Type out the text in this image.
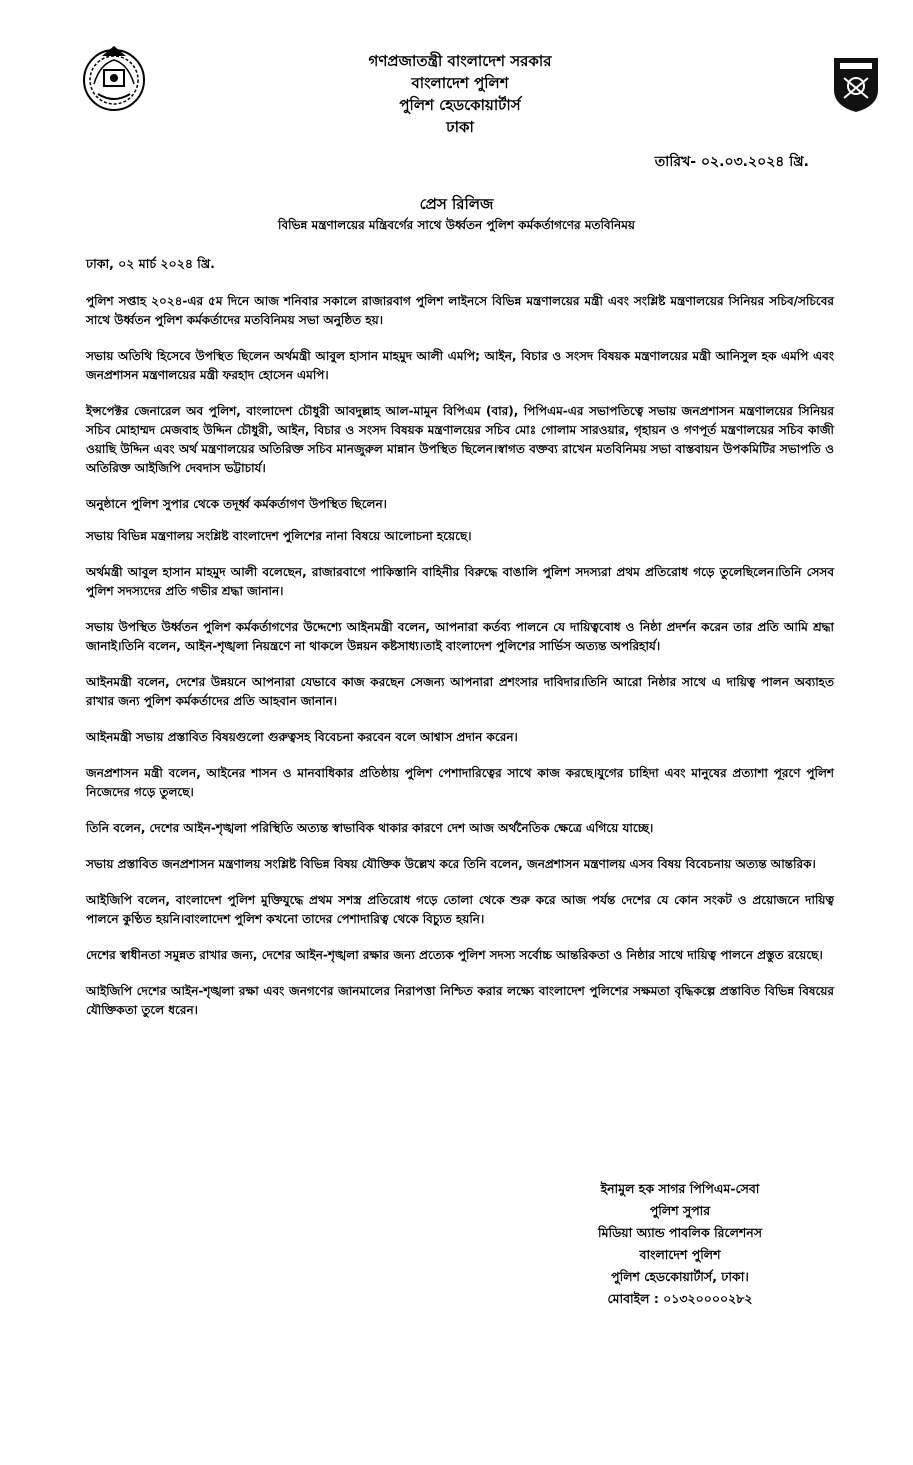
গণপ্রজাতন্ত্রী বাংলাদেশ সরকার
বাংলাদেশ পুলিশ
পুলিশ হেডকোয়ার্টার্স
ঢাকা
তারিখ- ০২.০৩.২০২৪ খ্রি.
প্রেস রিলিজ
বিভিন্ন মন্ত্রণালয়ের মন্ত্রিবর্গের সাথে উর্ধ্বতন পুলিশ কর্মকর্তাগণের মতবিনিময়
ঢাকা, ০২ মার্চ ২০২৪ খ্রি.

পুলিশ সপ্তাহ ২০২৪-এর ৫ম দিনে আজ শনিবার সকালে রাজারবাগ পুলিশ লাইনসে বিভিন্ন মন্ত্রণালয়ের মন্ত্রী এবং সংশ্লিষ্ট মন্ত্রণালয়ের সিনিয়র সচিব/সচিবের সাথে উর্ধ্বতন পুলিশ কর্মকর্তাদের মতবিনিময় সভা অনুষ্ঠিত হয়।

সভায় অতিথি হিসেবে উপস্থিত ছিলেন অর্থমন্ত্রী আবুল হাসান মাহমুদ আলী এমপি; আইন, বিচার ও সংসদ বিষয়ক মন্ত্রণালয়ের মন্ত্রী আনিসুল হক এমপি এবং জনপ্রশাসন মন্ত্রণালয়ের মন্ত্রী ফরহাদ হোসেন এমপি।

ইন্সপেক্টর জেনারেল অব পুলিশ, বাংলাদেশ চৌধুরী আবদুল্লাহ আল-মামুন বিপিএম (বার), পিপিএম-এর সভাপতিত্বে সভায় জনপ্রশাসন মন্ত্রণালয়ের সিনিয়র সচিব মোহাম্মদ মেজবাহ উদ্দিন চৌধুরী, আইন, বিচার ও সংসদ বিষয়ক মন্ত্রণালয়ের সচিব মোঃ গোলাম সারওয়ার, গৃহায়ন ও গণপূর্ত মন্ত্রণালয়ের সচিব কাজী ওয়াছি উদ্দিন এবং অর্থ মন্ত্রণালয়ের অতিরিক্ত সচিব মানজুরুল মান্নান উপস্থিত ছিলেন।স্বাগত বক্তব্য রাখেন মতবিনিময় সভা বাস্তবায়ন উপকমিটির সভাপতি ও অতিরিক্ত আইজিপি দেবদাস ভট্টাচার্য।

অনুষ্ঠানে পুলিশ সুপার থেকে তদূর্ধ্ব কর্মকর্তাগণ উপস্থিত ছিলেন।

সভায় বিভিন্ন মন্ত্রণালয় সংশ্লিষ্ট বাংলাদেশ পুলিশের নানা বিষয়ে আলোচনা হয়েছে।

অর্থমন্ত্রী আবুল হাসান মাহমুদ আলী বলেছেন, রাজারবাগে পাকিস্তানি বাহিনীর বিরুদ্ধে বাঙালি পুলিশ সদস্যরা প্রথম প্রতিরোধ গড়ে তুলেছিলেন।তিনি সেসব পুলিশ সদস্যদের প্রতি গভীর শ্রদ্ধা জানান।

সভায় উপস্থিত উর্ধ্বতন পুলিশ কর্মকর্তাগণের উদ্দেশ্যে আইনমন্ত্রী বলেন, আপনারা কর্তব্য পালনে যে দায়িত্ববোধ ও নিষ্ঠা প্রদর্শন করেন তার প্রতি আমি শ্রদ্ধা জানাই।তিনি বলেন, আইন-শৃঙ্খলা নিয়ন্ত্রণে না থাকলে উন্নয়ন কষ্টসাধ্য।তাই বাংলাদেশ পুলিশের সার্ভিস অত্যন্ত অপরিহার্য।

আইনমন্ত্রী বলেন, দেশের উন্নয়নে আপনারা যেভাবে কাজ করছেন সেজন্য আপনারা প্রশংসার দাবিদার।তিনি আরো নিষ্ঠার সাথে এ দায়িত্ব পালন অব্যাহত রাখার জন্য পুলিশ কর্মকর্তাদের প্রতি আহবান জানান।

আইনমন্ত্রী সভায় প্রস্তাবিত বিষয়গুলো গুরুত্বসহ বিবেচনা করবেন বলে আশ্বাস প্রদান করেন।

জনপ্রশাসন মন্ত্রী বলেন, আইনের শাসন ও মানবাধিকার প্রতিষ্ঠায় পুলিশ পেশাদারিত্বের সাথে কাজ করছে।যুগের চাহিদা এবং মানুষের প্রত্যাশা পূরণে পুলিশ নিজেদের গড়ে তুলছে।

তিনি বলেন, দেশের আইন-শৃঙ্খলা পরিস্থিতি অত্যন্ত স্বাভাবিক থাকার কারণে দেশ আজ অর্থনৈতিক ক্ষেত্রে এগিয়ে যাচ্ছে।

সভায় প্রস্তাবিত জনপ্রশাসন মন্ত্রণালয় সংশ্লিষ্ট বিভিন্ন বিষয় যৌক্তিক উল্লেখ করে তিনি বলেন, জনপ্রশাসন মন্ত্রণালয় এসব বিষয় বিবেচনায় অত্যন্ত আন্তরিক।

আইজিপি বলেন, বাংলাদেশ পুলিশ মুক্তিযুদ্ধে প্রথম সশস্ত্র প্রতিরোধ গড়ে তোলা থেকে শুরু করে আজ পর্যন্ত দেশের যে কোন সংকট ও প্রয়োজনে দায়িত্ব পালনে কুণ্ঠিত হয়নি।বাংলাদেশ পুলিশ কখনো তাদের পেশাদারিত্ব থেকে বিচ্যুত হয়নি।

দেশের স্বাধীনতা সমুন্নত রাখার জন্য, দেশের আইন-শৃঙ্খলা রক্ষার জন্য প্রত্যেক পুলিশ সদস্য সর্বোচ্চ আন্তরিকতা ও নিষ্ঠার সাথে দায়িত্ব পালনে প্রস্তুত রয়েছে।

আইজিপি দেশের আইন-শৃঙ্খলা রক্ষা এবং জনগণের জানমালের নিরাপত্তা নিশ্চিত করার লক্ষ্যে বাংলাদেশ পুলিশের সক্ষমতা বৃদ্ধিকল্পে প্রস্তাবিত বিভিন্ন বিষয়ের যৌক্তিকতা তুলে ধরেন।

ইনামুল হক সাগর পিপিএম-সেবা
পুলিশ সুপার
মিডিয়া অ্যান্ড পাবলিক রিলেশনস
বাংলাদেশ পুলিশ
পুলিশ হেডকোয়ার্টার্স, ঢাকা।
মোবাইল : ০১৩২০০০০২৮২
